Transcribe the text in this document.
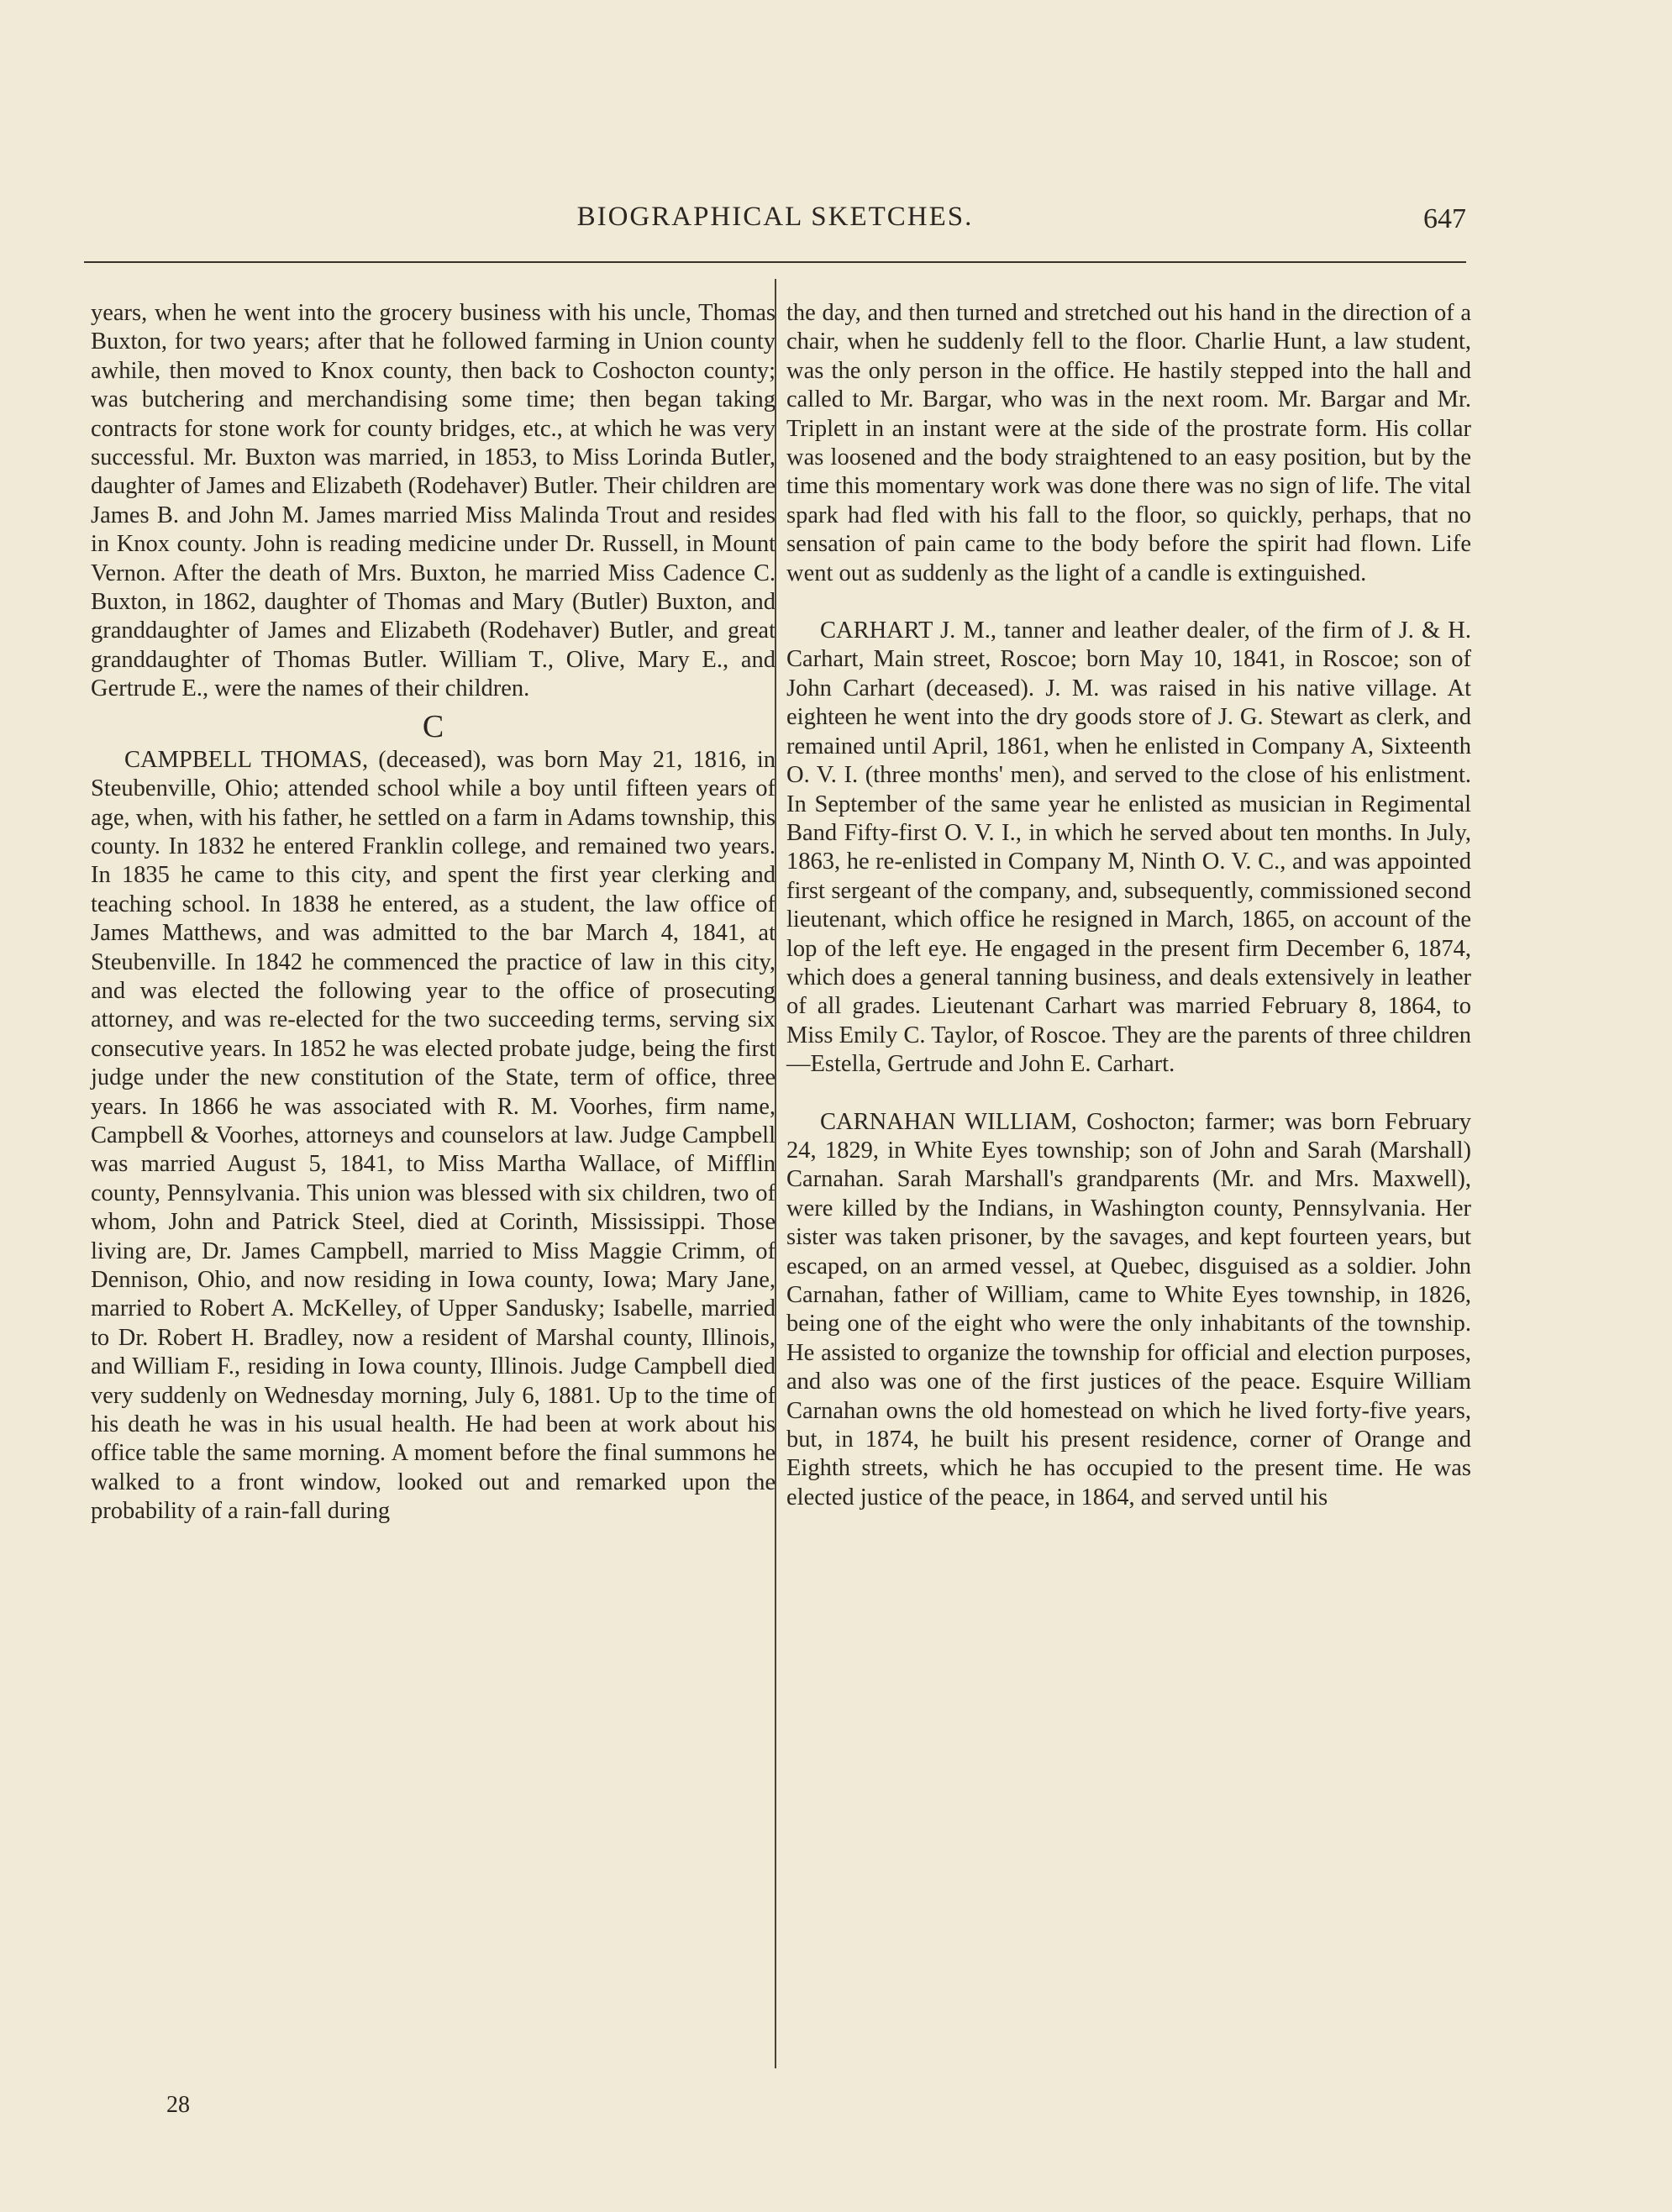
BIOGRAPHICAL SKETCHES.	647

years, when he went into the grocery business with his uncle, Thomas Buxton, for two years; after that he followed farming in Union county awhile, then moved to Knox county, then back to Coshocton county; was butchering and merchandising some time; then began taking contracts for stone work for county bridges, etc., at which he was very successful. Mr. Buxton was married, in 1853, to Miss Lorinda Butler, daughter of James and Elizabeth (Rodehaver) Butler. Their children are James B. and John M. James married Miss Malinda Trout and resides in Knox county. John is reading medicine under Dr. Russell, in Mount Vernon. After the death of Mrs. Buxton, he married Miss Cadence C. Buxton, in 1862, daughter of Thomas and Mary (Butler) Buxton, and granddaughter of James and Elizabeth (Rodehaver) Butler, and great granddaughter of Thomas Butler. William T., Olive, Mary E., and Gertrude E., were the names of their children.

C

CAMPBELL THOMAS, (deceased), was born May 21, 1816, in Steubenville, Ohio; attended school while a boy until fifteen years of age, when, with his father, he settled on a farm in Adams township, this county. In 1832 he entered Franklin college, and remained two years. In 1835 he came to this city, and spent the first year clerking and teaching school. In 1838 he entered, as a student, the law office of James Matthews, and was admitted to the bar March 4, 1841, at Steubenville. In 1842 he commenced the practice of law in this city, and was elected the following year to the office of prosecuting attorney, and was re-elected for the two succeeding terms, serving six consecutive years. In 1852 he was elected probate judge, being the first judge under the new constitution of the State, term of office, three years. In 1866 he was associated with R. M. Voorhes, firm name, Campbell & Voorhes, attorneys and counselors at law. Judge Campbell was married August 5, 1841, to Miss Martha Wallace, of Mifflin county, Pennsylvania. This union was blessed with six children, two of whom, John and Patrick Steel, died at Corinth, Mississippi. Those living are, Dr. James Campbell, married to Miss Maggie Crimm, of Dennison, Ohio, and now residing in Iowa county, Iowa; Mary Jane, married to Robert A. McKelley, of Upper Sandusky; Isabelle, married to Dr. Robert H. Bradley, now a resident of Marshal county, Illinois, and William F., residing in Iowa county, Illinois. Judge Campbell died very suddenly on Wednesday morning, July 6, 1881. Up to the time of his death he was in his usual health. He had been at work about his office table the same morning. A moment before the final summons he walked to a front window, looked out and remarked upon the probability of a rain-fall during

the day, and then turned and stretched out his hand in the direction of a chair, when he suddenly fell to the floor. Charlie Hunt, a law student, was the only person in the office. He hastily stepped into the hall and called to Mr. Bargar, who was in the next room. Mr. Bargar and Mr. Triplett in an instant were at the side of the prostrate form. His collar was loosened and the body straightened to an easy position, but by the time this momentary work was done there was no sign of life. The vital spark had fled with his fall to the floor, so quickly, perhaps, that no sensation of pain came to the body before the spirit had flown. Life went out as suddenly as the light of a candle is extinguished.

CARHART J. M., tanner and leather dealer, of the firm of J. & H. Carhart, Main street, Roscoe; born May 10, 1841, in Roscoe; son of John Carhart (deceased). J. M. was raised in his native village. At eighteen he went into the dry goods store of J. G. Stewart as clerk, and remained until April, 1861, when he enlisted in Company A, Sixteenth O. V. I. (three months' men), and served to the close of his enlistment. In September of the same year he enlisted as musician in Regimental Band Fifty-first O. V. I., in which he served about ten months. In July, 1863, he re-enlisted in Company M, Ninth O. V. C., and was appointed first sergeant of the company, and, subsequently, commissioned second lieutenant, which office he resigned in March, 1865, on account of the lop of the left eye. He engaged in the present firm December 6, 1874, which does a general tanning business, and deals extensively in leather of all grades. Lieutenant Carhart was married February 8, 1864, to Miss Emily C. Taylor, of Roscoe. They are the parents of three children—Estella, Gertrude and John E. Carhart.

CARNAHAN WILLIAM, Coshocton; farmer; was born February 24, 1829, in White Eyes township; son of John and Sarah (Marshall) Carnahan. Sarah Marshall's grandparents (Mr. and Mrs. Maxwell), were killed by the Indians, in Washington county, Pennsylvania. Her sister was taken prisoner, by the savages, and kept fourteen years, but escaped, on an armed vessel, at Quebec, disguised as a soldier. John Carnahan, father of William, came to White Eyes township, in 1826, being one of the eight who were the only inhabitants of the township. He assisted to organize the township for official and election purposes, and also was one of the first justices of the peace. Esquire William Carnahan owns the old homestead on which he lived forty-five years, but, in 1874, he built his present residence, corner of Orange and Eighth streets, which he has occupied to the present time. He was elected justice of the peace, in 1864, and served until his

28
